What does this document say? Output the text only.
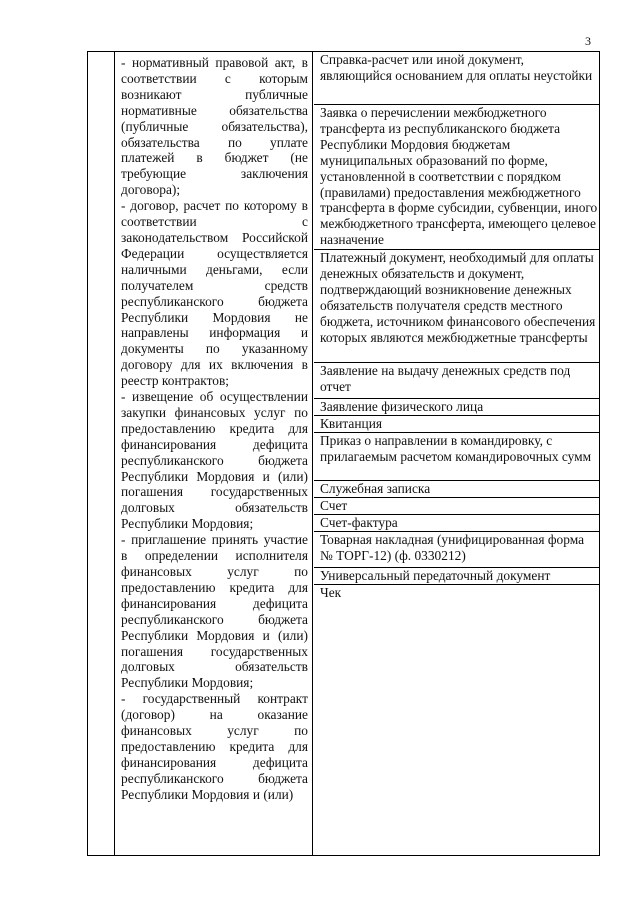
3

- нормативный правовой акт, в соответствии с которым возникают публичные нормативные обязательства (публичные обязательства), обязательства по уплате платежей в бюджет (не требующие заключения договора);
- договор, расчет по которому в соответствии с законодательством Российской Федерации осуществляется наличными деньгами, если получателем средств республиканского бюджета Республики Мордовия не направлены информация и документы по указанному договору для их включения в реестр контрактов;
- извещение об осуществлении закупки финансовых услуг по предоставлению кредита для финансирования дефицита республиканского бюджета Республики Мордовия и (или) погашения государственных долговых обязательств Республики Мордовия;
- приглашение принять участие в определении исполнителя финансовых услуг по предоставлению кредита для финансирования дефицита республиканского бюджета Республики Мордовия и (или) погашения государственных долговых обязательств Республики Мордовия;
- государственный контракт (договор) на оказание финансовых услуг по предоставлению кредита для финансирования дефицита республиканского бюджета Республики Мордовия и (или)

Справка-расчет или иной документ, являющийся основанием для оплаты неустойки
Заявка о перечислении межбюджетного трансферта из республиканского бюджета Республики Мордовия бюджетам муниципальных образований по форме, установленной в соответствии с порядком (правилами) предоставления межбюджетного трансферта в форме субсидии, субвенции, иного межбюджетного трансферта, имеющего целевое назначение
Платежный документ, необходимый для оплаты денежных обязательств и документ, подтверждающий возникновение денежных обязательств получателя средств местного бюджета, источником финансового обеспечения которых являются межбюджетные трансферты
Заявление на выдачу денежных средств под отчет
Заявление физического лица
Квитанция
Приказ о направлении в командировку, с прилагаемым расчетом командировочных сумм
Служебная записка
Счет
Счет-фактура
Товарная накладная (унифицированная форма № ТОРГ-12) (ф. 0330212)
Универсальный передаточный документ
Чек
